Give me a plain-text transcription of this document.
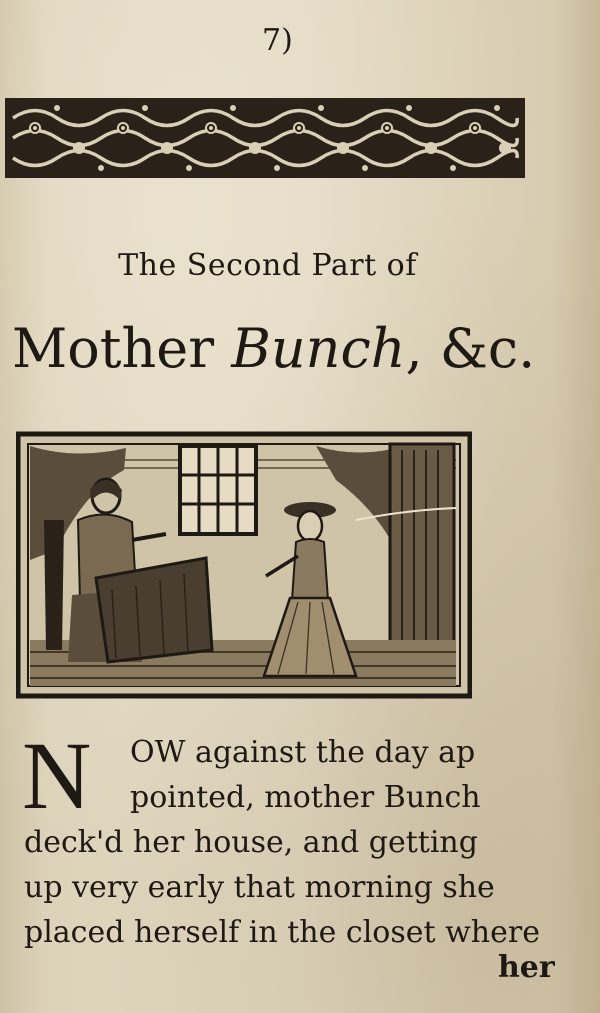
7)
The Second Part of
Mother Bunch, &c.
N OW against the day ap
pointed, mother Bunch
deck'd her house, and getting
up very early that morning she
placed herself in the closet where
her
